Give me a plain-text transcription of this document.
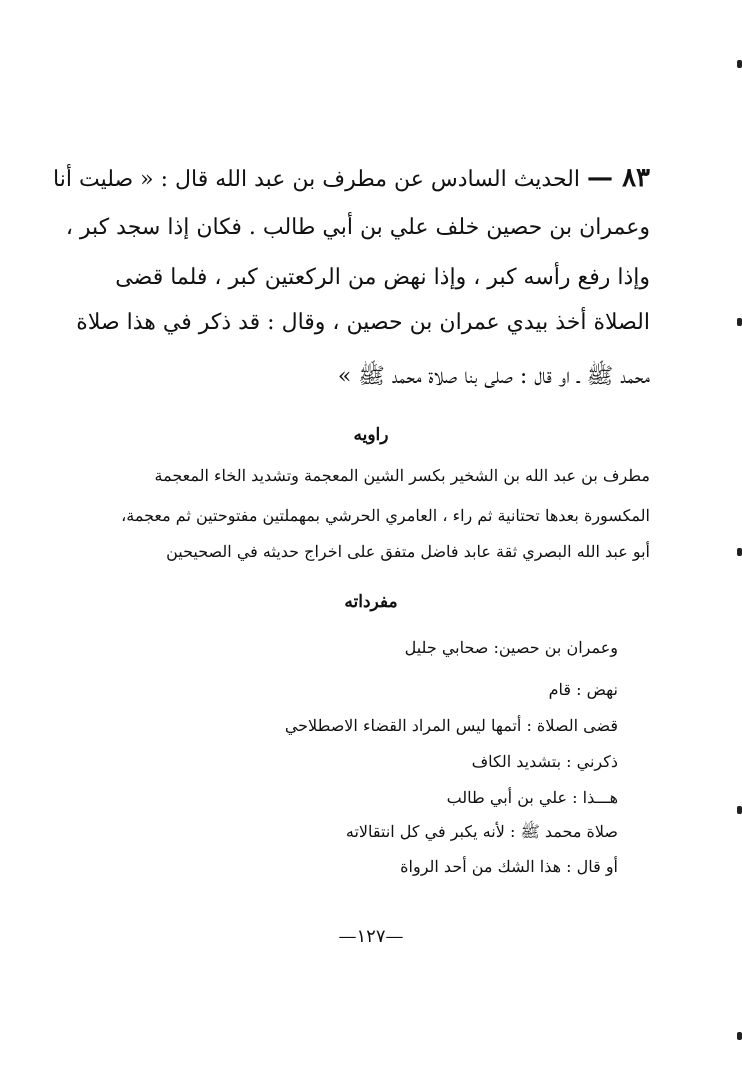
٨٣ — الحديث السادس عن مطرف بن عبد الله قال : « صليت أنا
وعمران بن حصين خلف علي بن أبي طالب . فكان إذا سجد كبر ،
وإذا رفع رأسه كبر ، وإذا نهض من الركعتين كبر ، فلما قضى
الصلاة أخذ بيدي عمران بن حصين ، وقال : قد ذكر في هذا صلاة
محمد ﷺ ـ او قال : صلى بنا صلاة محمد ﷺ »
راويه
مطرف بن عبد الله بن الشخير بكسر الشين المعجمة وتشديد الخاء المعجمة
المكسورة بعدها تحتانية ثم راء ، العامري الحرشي بمهملتين مفتوحتين ثم معجمة،
أبو عبد الله البصري ثقة عابد فاضل متفق على اخراج حديثه في الصحيحين
مفرداته
وعمران بن حصين: صحابي جليل
نهض : قام
قضى الصلاة : أتمها ليس المراد القضاء الاصطلاحي
ذكرني : بتشديد الكاف
هـــذا : علي بن أبي طالب
صلاة محمد ﷺ : لأنه يكبر في كل انتقالاته
أو قال : هذا الشك من أحد الرواة
—١٢٧—
